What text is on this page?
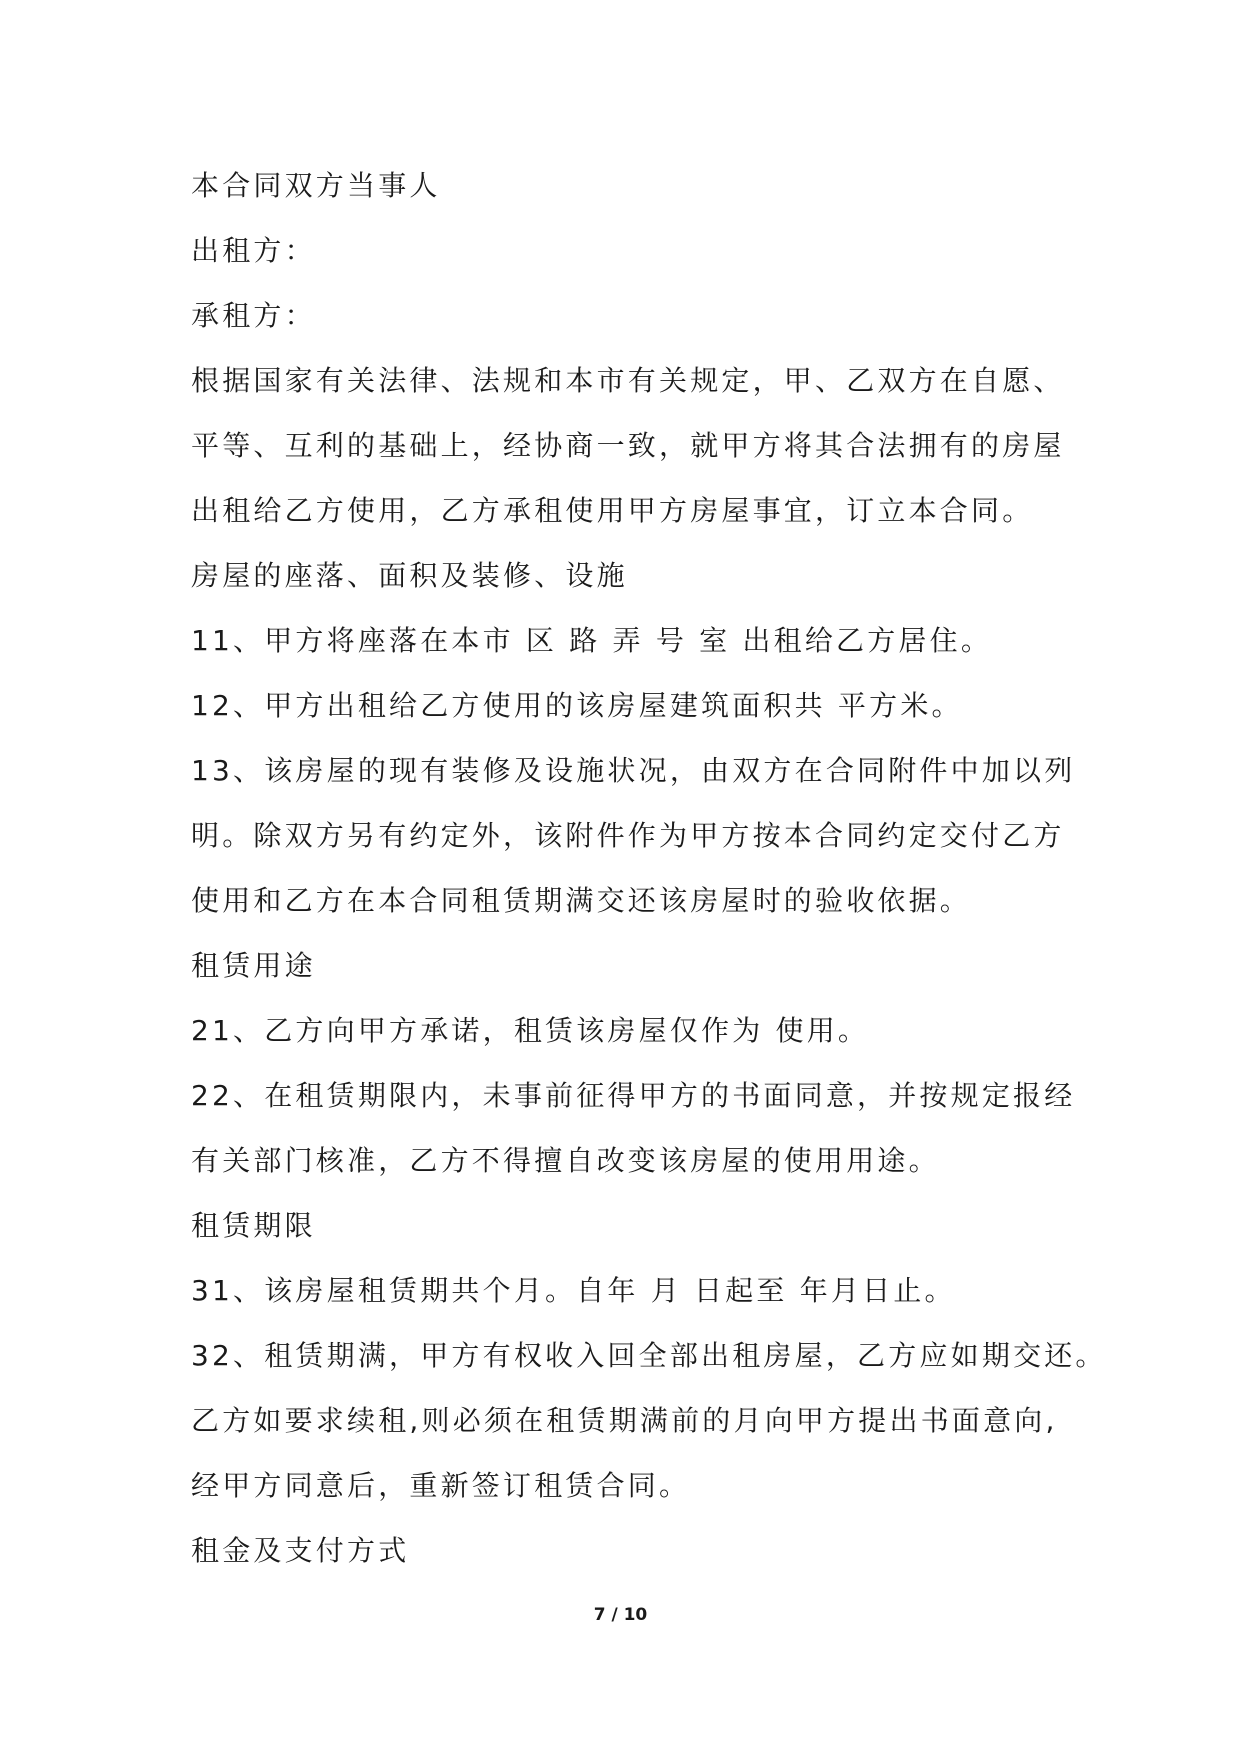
本合同双方当事人
出租方：
承租方：
根据国家有关法律、法规和本市有关规定，甲、乙双方在自愿、
平等、互利的基础上，经协商一致，就甲方将其合法拥有的房屋
出租给乙方使用，乙方承租使用甲方房屋事宜，订立本合同。
房屋的座落、面积及装修、设施
11、甲方将座落在本市 区 路 弄 号 室 出租给乙方居住。
12、甲方出租给乙方使用的该房屋建筑面积共 平方米。
13、该房屋的现有装修及设施状况，由双方在合同附件中加以列
明。除双方另有约定外，该附件作为甲方按本合同约定交付乙方
使用和乙方在本合同租赁期满交还该房屋时的验收依据。
租赁用途
21、乙方向甲方承诺，租赁该房屋仅作为 使用。
22、在租赁期限内，未事前征得甲方的书面同意，并按规定报经
有关部门核准，乙方不得擅自改变该房屋的使用用途。
租赁期限
31、该房屋租赁期共个月。自年 月 日起至 年月日止。
32、租赁期满，甲方有权收入回全部出租房屋，乙方应如期交还。
乙方如要求续租,则必须在租赁期满前的月向甲方提出书面意向,
经甲方同意后，重新签订租赁合同。
租金及支付方式
7 / 10
